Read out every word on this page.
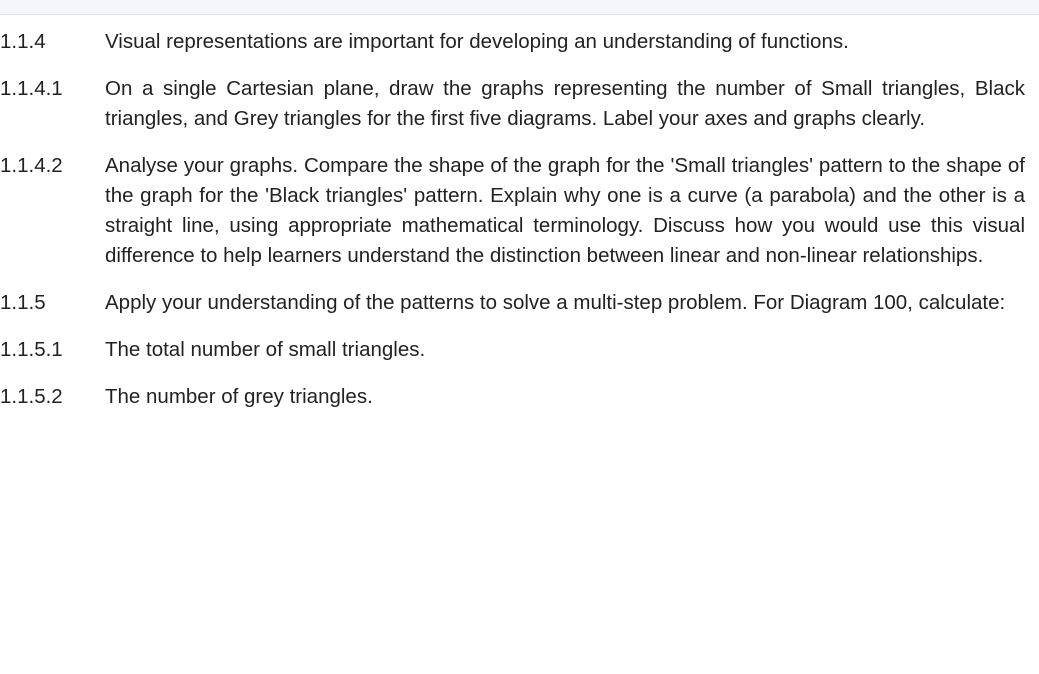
1.1.4	Visual representations are important for developing an understanding of functions.
1.1.4.1	On a single Cartesian plane, draw the graphs representing the number of Small triangles, Black triangles, and Grey triangles for the first five diagrams. Label your axes and graphs clearly.
1.1.4.2	Analyse your graphs. Compare the shape of the graph for the 'Small triangles' pattern to the shape of the graph for the 'Black triangles' pattern. Explain why one is a curve (a parabola) and the other is a straight line, using appropriate mathematical terminology. Discuss how you would use this visual difference to help learners understand the distinction between linear and non-linear relationships.
1.1.5	Apply your understanding of the patterns to solve a multi-step problem. For Diagram 100, calculate:
1.1.5.1	The total number of small triangles.
1.1.5.2	The number of grey triangles.
